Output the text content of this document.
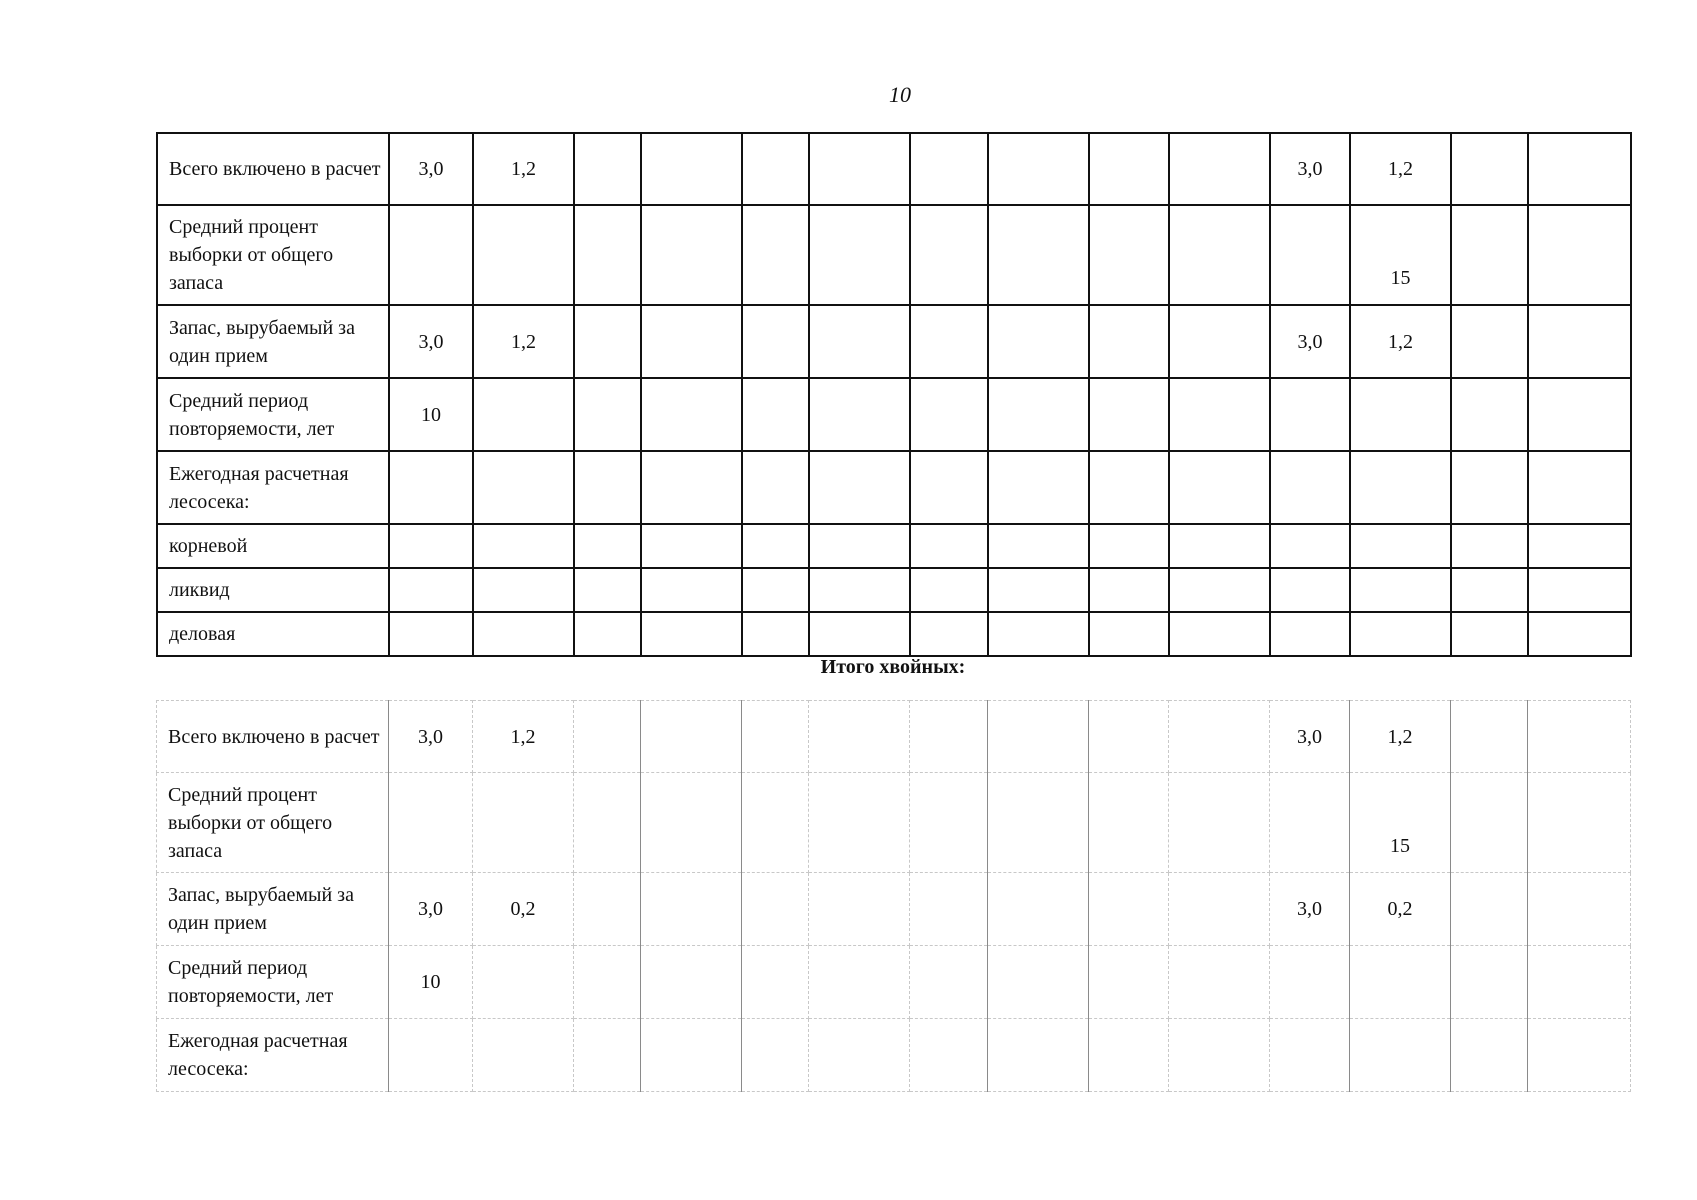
10
Всего включено в расчет	3,0	1,2									3,0	1,2		
Средний процент выборки от общего запаса												15		
Запас, вырубаемый за один прием	3,0	1,2									3,0	1,2		
Средний период повторяемости, лет	10													
Ежегодная расчетная лесосека:														
корневой														
ликвид														
деловая														
Итого хвойных:
Всего включено в расчет	3,0	1,2									3,0	1,2		
Средний процент выборки от общего запаса												15		
Запас, вырубаемый за один прием	3,0	0,2									3,0	0,2		
Средний период повторяемости, лет	10													
Ежегодная расчетная лесосека:														
